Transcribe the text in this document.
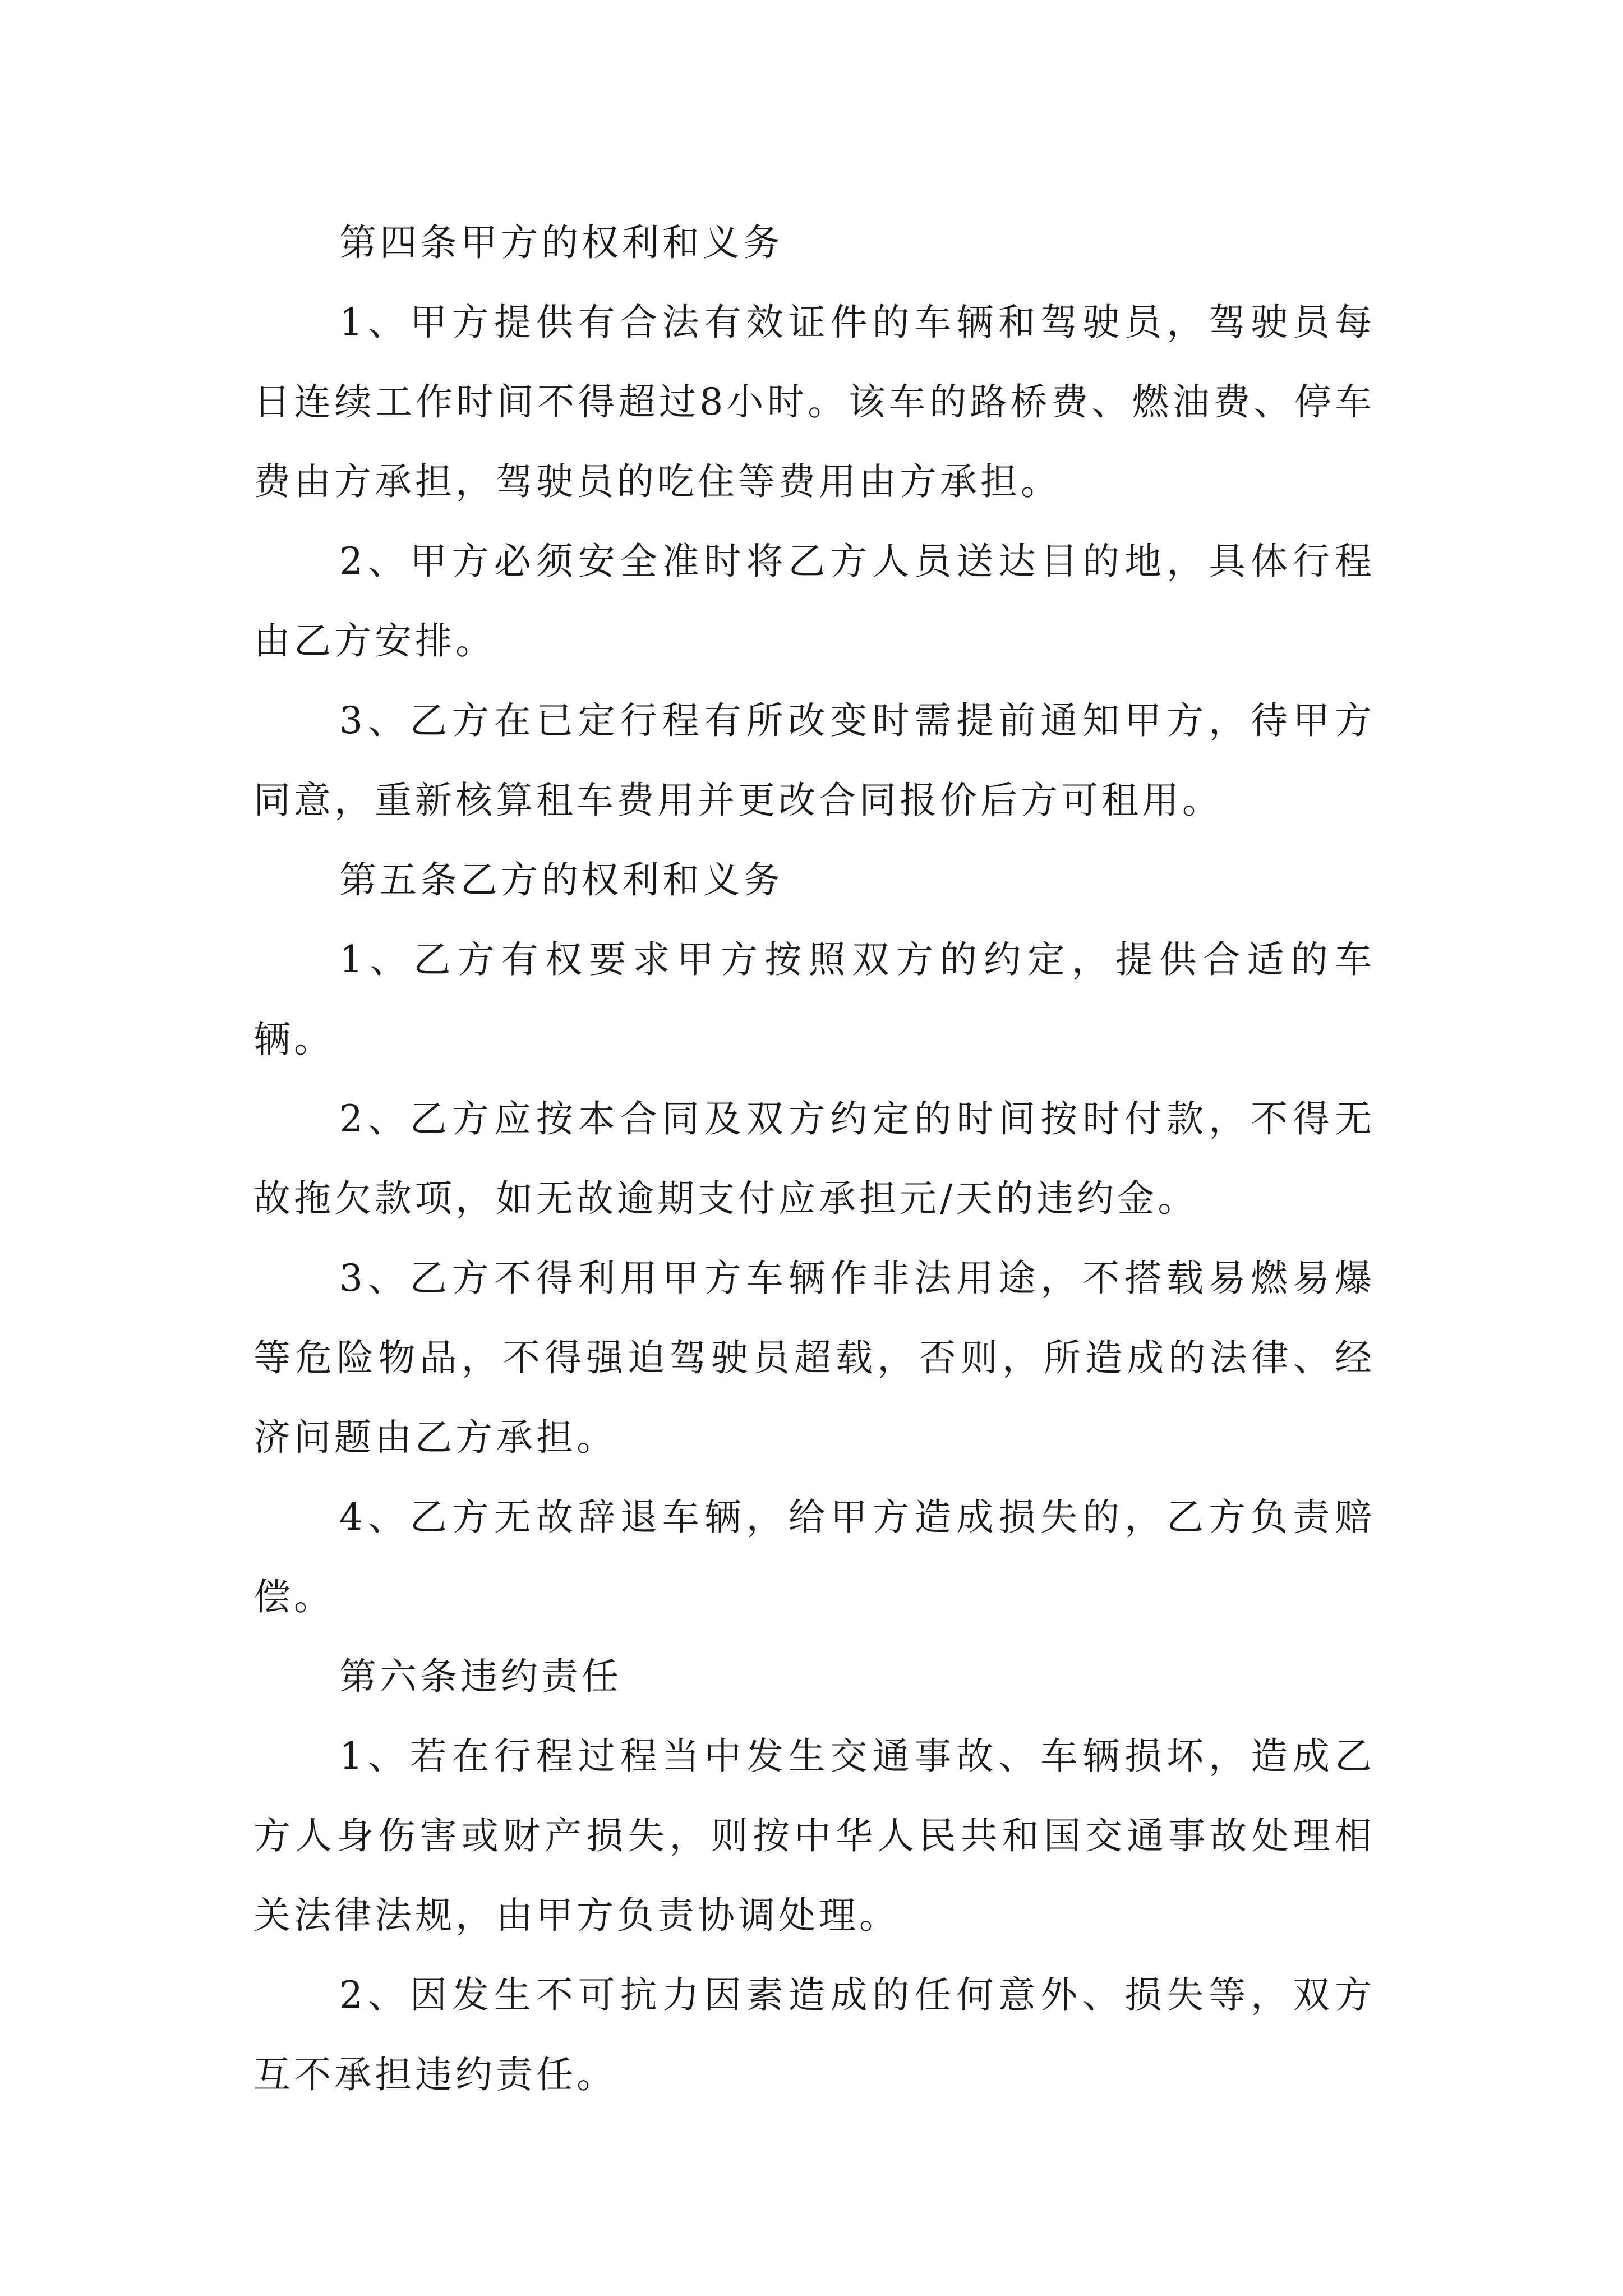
第四条甲方的权利和义务

1、甲方提供有合法有效证件的车辆和驾驶员，驾驶员每日连续工作时间不得超过8小时。该车的路桥费、燃油费、停车费由方承担，驾驶员的吃住等费用由方承担。

2、甲方必须安全准时将乙方人员送达目的地，具体行程由乙方安排。

3、乙方在已定行程有所改变时需提前通知甲方，待甲方同意，重新核算租车费用并更改合同报价后方可租用。

第五条乙方的权利和义务

1、乙方有权要求甲方按照双方的约定，提供合适的车辆。

2、乙方应按本合同及双方约定的时间按时付款，不得无故拖欠款项，如无故逾期支付应承担元/天的违约金。

3、乙方不得利用甲方车辆作非法用途，不搭载易燃易爆等危险物品，不得强迫驾驶员超载，否则，所造成的法律、经济问题由乙方承担。

4、乙方无故辞退车辆，给甲方造成损失的，乙方负责赔偿。

第六条违约责任

1、若在行程过程当中发生交通事故、车辆损坏，造成乙方人身伤害或财产损失，则按中华人民共和国交通事故处理相关法律法规，由甲方负责协调处理。

2、因发生不可抗力因素造成的任何意外、损失等，双方互不承担违约责任。
